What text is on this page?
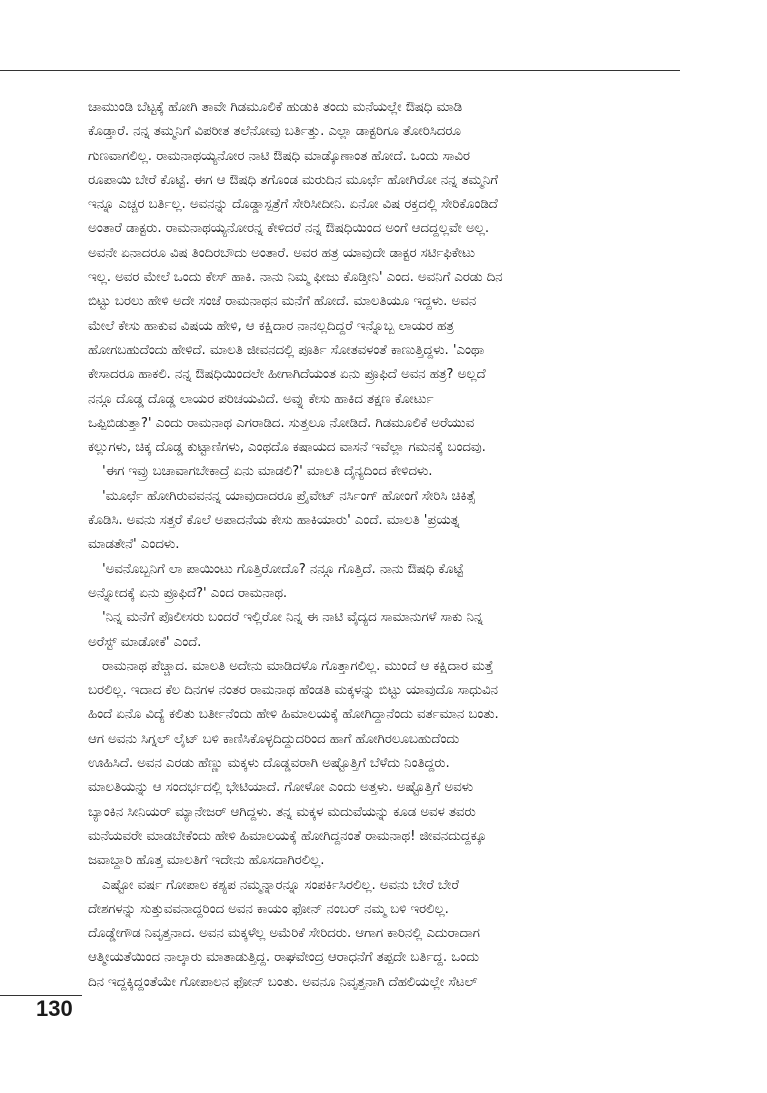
ಚಾಮುಂಡಿ ಬೆಟ್ಟಕ್ಕೆ ಹೋಗಿ ತಾವೇ ಗಿಡಮೂಲಿಕೆ ಹುಡುಕಿ ತಂದು ಮನೆಯಲ್ಲೇ ಔಷಧಿ ಮಾಡಿ
ಕೊಡ್ತಾರೆ. ನನ್ನ ತಮ್ಮನಿಗೆ ವಿಪರೀತ ತಲೆನೋವು ಬರ್ತಿತ್ತು. ಎಲ್ಲಾ ಡಾಕ್ಟರಿಗೂ ತೋರಿಸಿದರೂ
ಗುಣವಾಗಲಿಲ್ಲ. ರಾಮನಾಥಯ್ಯನೋರ ನಾಟಿ ಔಷಧಿ ಮಾಡ್ಕೊಣಾಂತ ಹೋದೆ. ಒಂದು ಸಾವಿರ
ರೂಪಾಯಿ ಬೇರೆ ಕೊಟ್ಟೆ. ಈಗ ಆ ಔಷಧಿ ತಗೊಂಡ ಮರುದಿನ ಮೂರ್ಛೆ ಹೋಗಿರೋ ನನ್ನ ತಮ್ಮನಿಗೆ
ಇನ್ನೂ ಎಚ್ಚರ ಬರ್ತಿಲ್ಲ. ಅವನನ್ನು ದೊಡ್ಡಾಸ್ಪತ್ರೆಗೆ ಸೇರಿಸೀದೀನಿ. ಏನೋ ವಿಷ ರಕ್ತದಲ್ಲಿ ಸೇರಿಕೊಂಡಿದೆ
ಅಂತಾರೆ ಡಾಕ್ಟರು. ರಾಮನಾಥಯ್ಯನೋರನ್ನ ಕೇಳಿದರೆ ನನ್ನ ಔಷಧಿಯಿಂದ ಅಂಗೆ ಆದದ್ದಲ್ಲವೇ ಅಲ್ಲ.
ಅವನೇ ಏನಾದರೂ ವಿಷ ತಿಂದಿರಬೌದು ಅಂತಾರೆ. ಅವರ ಹತ್ರ ಯಾವುದೇ ಡಾಕ್ಟರ ಸರ್ಟಿಫಿಕೇಟು
ಇಲ್ಲ. ಅವರ ಮೇಲೆ ಒಂದು ಕೇಸ್ ಹಾಕಿ. ನಾನು ನಿಮ್ಮ ಫೀಜು ಕೊಡ್ತೀನಿ' ಎಂದ. ಅವನಿಗೆ ಎರಡು ದಿನ
ಬಿಟ್ಟು ಬರಲು ಹೇಳಿ ಅದೇ ಸಂಜೆ ರಾಮನಾಥನ ಮನೆಗೆ ಹೋದೆ. ಮಾಲತಿಯೂ ಇದ್ದಳು. ಅವನ
ಮೇಲೆ ಕೇಸು ಹಾಕುವ ವಿಷಯ ಹೇಳಿ, ಆ ಕಕ್ಷಿದಾರ ನಾನಲ್ಲದಿದ್ದರೆ ಇನ್ನೊಬ್ಬ ಲಾಯರ ಹತ್ರ
ಹೋಗಬಹುದೆಂದು ಹೇಳಿದೆ. ಮಾಲತಿ ಜೀವನದಲ್ಲಿ ಪೂರ್ತಿ ಸೋತವಳಂತೆ ಕಾಣುತ್ತಿದ್ದಳು. 'ಎಂಥಾ
ಕೇಸಾದರೂ ಹಾಕಲಿ. ನನ್ನ ಔಷಧಿಯಿಂದಲೇ ಹೀಗಾಗಿದೆಯಂತ ಏನು ಪ್ರೂಫಿದೆ ಅವನ ಹತ್ರ? ಅಲ್ಲದೆ
ನನ್ಗೂ ದೊಡ್ಡ ದೊಡ್ಡ ಲಾಯರ ಪರಿಚಯವಿದೆ. ಅವ್ನು ಕೇಸು ಹಾಕಿದ ತಕ್ಷಣ ಕೋರ್ಟು
ಒಪ್ಪಿಬಿಡುತ್ತಾ?' ಎಂದು ರಾಮನಾಥ ಎಗರಾಡಿದ. ಸುತ್ತಲೂ ನೋಡಿದೆ. ಗಿಡಮೂಲಿಕೆ ಅರೆಯುವ
ಕಲ್ಲುಗಳು, ಚಿಕ್ಕ ದೊಡ್ಡ ಕುಟ್ಟಾಣಿಗಳು, ಎಂಥದೊ ಕಷಾಯದ ವಾಸನೆ ಇವೆಲ್ಲಾ ಗಮನಕ್ಕೆ ಬಂದವು.
'ಈಗ ಇವ್ರು ಬಚಾವಾಗಬೇಕಾದ್ರೆ ಏನು ಮಾಡಲಿ?' ಮಾಲತಿ ದೈನ್ಯದಿಂದ ಕೇಳಿದಳು.
'ಮೂರ್ಛೆ ಹೋಗಿರುವವನನ್ನ ಯಾವುದಾದರೂ ಪ್ರೈವೇಟ್ ನರ್ಸಿಂಗ್ ಹೋಂಗೆ ಸೇರಿಸಿ ಚಿಕಿತ್ಸೆ
ಕೊಡಿಸಿ. ಅವನು ಸತ್ತರೆ ಕೊಲೆ ಅಪಾದನೆಯ ಕೇಸು ಹಾಕಿಯಾರು' ಎಂದೆ. ಮಾಲತಿ 'ಪ್ರಯತ್ನ
ಮಾಡತೇನೆ' ಎಂದಳು.
'ಅವನೊಬ್ಬನಿಗೆ ಲಾ ಪಾಯಿಂಟು ಗೊತ್ತಿರೋದೊ? ನನ್ಗೂ ಗೊತ್ತಿದೆ. ನಾನು ಔಷಧಿ ಕೊಟ್ಟೆ
ಅನ್ನೋದಕ್ಕೆ ಏನು ಪ್ರೂಫಿದೆ?' ಎಂದ ರಾಮನಾಥ.
'ನಿನ್ನ ಮನೆಗೆ ಪೊಲೀಸರು ಬಂದರೆ ಇಲ್ಲಿರೋ ನಿನ್ನ ಈ ನಾಟಿ ವೈದ್ಯದ ಸಾಮಾನುಗಳೆ ಸಾಕು ನಿನ್ನ
ಅರೆಸ್ಟ್ ಮಾಡೋಕೆ' ಎಂದೆ.
ರಾಮನಾಥ ಪೆಚ್ಚಾದ. ಮಾಲತಿ ಅದೇನು ಮಾಡಿದಳೊ ಗೊತ್ತಾಗಲಿಲ್ಲ. ಮುಂದೆ ಆ ಕಕ್ಷಿದಾರ ಮತ್ತೆ
ಬರಲಿಲ್ಲ. ಇದಾದ ಕೆಲ ದಿನಗಳ ನಂತರ ರಾಮನಾಥ ಹೆಂಡತಿ ಮಕ್ಕಳನ್ನು ಬಿಟ್ಟು ಯಾವುದೊ ಸಾಧುವಿನ
ಹಿಂದೆ ಏನೊ ವಿದ್ಯೆ ಕಲಿತು ಬರ್ತೀನೆಂದು ಹೇಳಿ ಹಿಮಾಲಯಕ್ಕೆ ಹೋಗಿದ್ದಾನೆಂದು ವರ್ತಮಾನ ಬಂತು.
ಆಗ ಅವನು ಸಿಗ್ನಲ್ ಲೈಟ್ ಬಳಿ ಕಾಣಿಸಿಕೊಳ್ಳದಿದ್ದುದರಿಂದ ಹಾಗೆ ಹೋಗಿರಲೂಬಹುದೆಂದು
ಊಹಿಸಿದೆ. ಅವನ ಎರಡು ಹೆಣ್ಣು ಮಕ್ಕಳು ದೊಡ್ಡವರಾಗಿ ಅಷ್ಟೊತ್ತಿಗೆ ಬೆಳೆದು ನಿಂತಿದ್ದರು.
ಮಾಲತಿಯನ್ನು ಆ ಸಂದರ್ಭದಲ್ಲಿ ಭೇಟಿಯಾದೆ. ಗೋಳೋ ಎಂದು ಅತ್ತಳು. ಅಷ್ಟೊತ್ತಿಗೆ ಅವಳು
ಬ್ಯಾಂಕಿನ ಸೀನಿಯರ್ ಮ್ಯಾನೇಜರ್ ಆಗಿದ್ದಳು. ತನ್ನ ಮಕ್ಕಳ ಮದುವೆಯನ್ನು ಕೂಡ ಅವಳ ತವರು
ಮನೆಯವರೇ ಮಾಡಬೇಕೆಂದು ಹೇಳಿ ಹಿಮಾಲಯಕ್ಕೆ ಹೋಗಿದ್ದನಂತೆ ರಾಮನಾಥ! ಜೀವನದುದ್ದಕ್ಕೂ
ಜವಾಬ್ದಾರಿ ಹೊತ್ತ ಮಾಲತಿಗೆ ಇದೇನು ಹೊಸದಾಗಿರಲಿಲ್ಲ.
ಎಷ್ಟೋ ವರ್ಷ ಗೋಪಾಲ ಕಶ್ಯಪ ನಮ್ಮನ್ನಾರನ್ನೂ ಸಂಪರ್ಕಿಸಿರಲಿಲ್ಲ. ಅವನು ಬೇರೆ ಬೇರೆ
ದೇಶಗಳನ್ನು ಸುತ್ತುವವನಾದ್ದರಿಂದ ಅವನ ಕಾಯಂ ಫೋನ್ ನಂಬರ್ ನಮ್ಮ ಬಳಿ ಇರಲಿಲ್ಲ.
ದೊಡ್ಡೇಗೌಡ ನಿವೃತ್ತನಾದ. ಅವನ ಮಕ್ಕಳೆಲ್ಲ ಅಮೆರಿಕೆ ಸೇರಿದರು. ಆಗಾಗ ಕಾರಿನಲ್ಲಿ ಎದುರಾದಾಗ
ಆತ್ಮೀಯತೆಯಿಂದ ನಾಲ್ಕಾರು ಮಾತಾಡುತ್ತಿದ್ದ. ರಾಘವೇಂದ್ರ ಆರಾಧನೆಗೆ ತಪ್ಪದೇ ಬರ್ತಿದ್ದ. ಒಂದು
ದಿನ ಇದ್ದಕ್ಕಿದ್ದಂತೆಯೇ ಗೋಪಾಲನ ಫೋನ್ ಬಂತು. ಅವನೂ ನಿವೃತ್ತನಾಗಿ ದೆಹಲಿಯಲ್ಲೇ ಸೆಟಲ್
130
